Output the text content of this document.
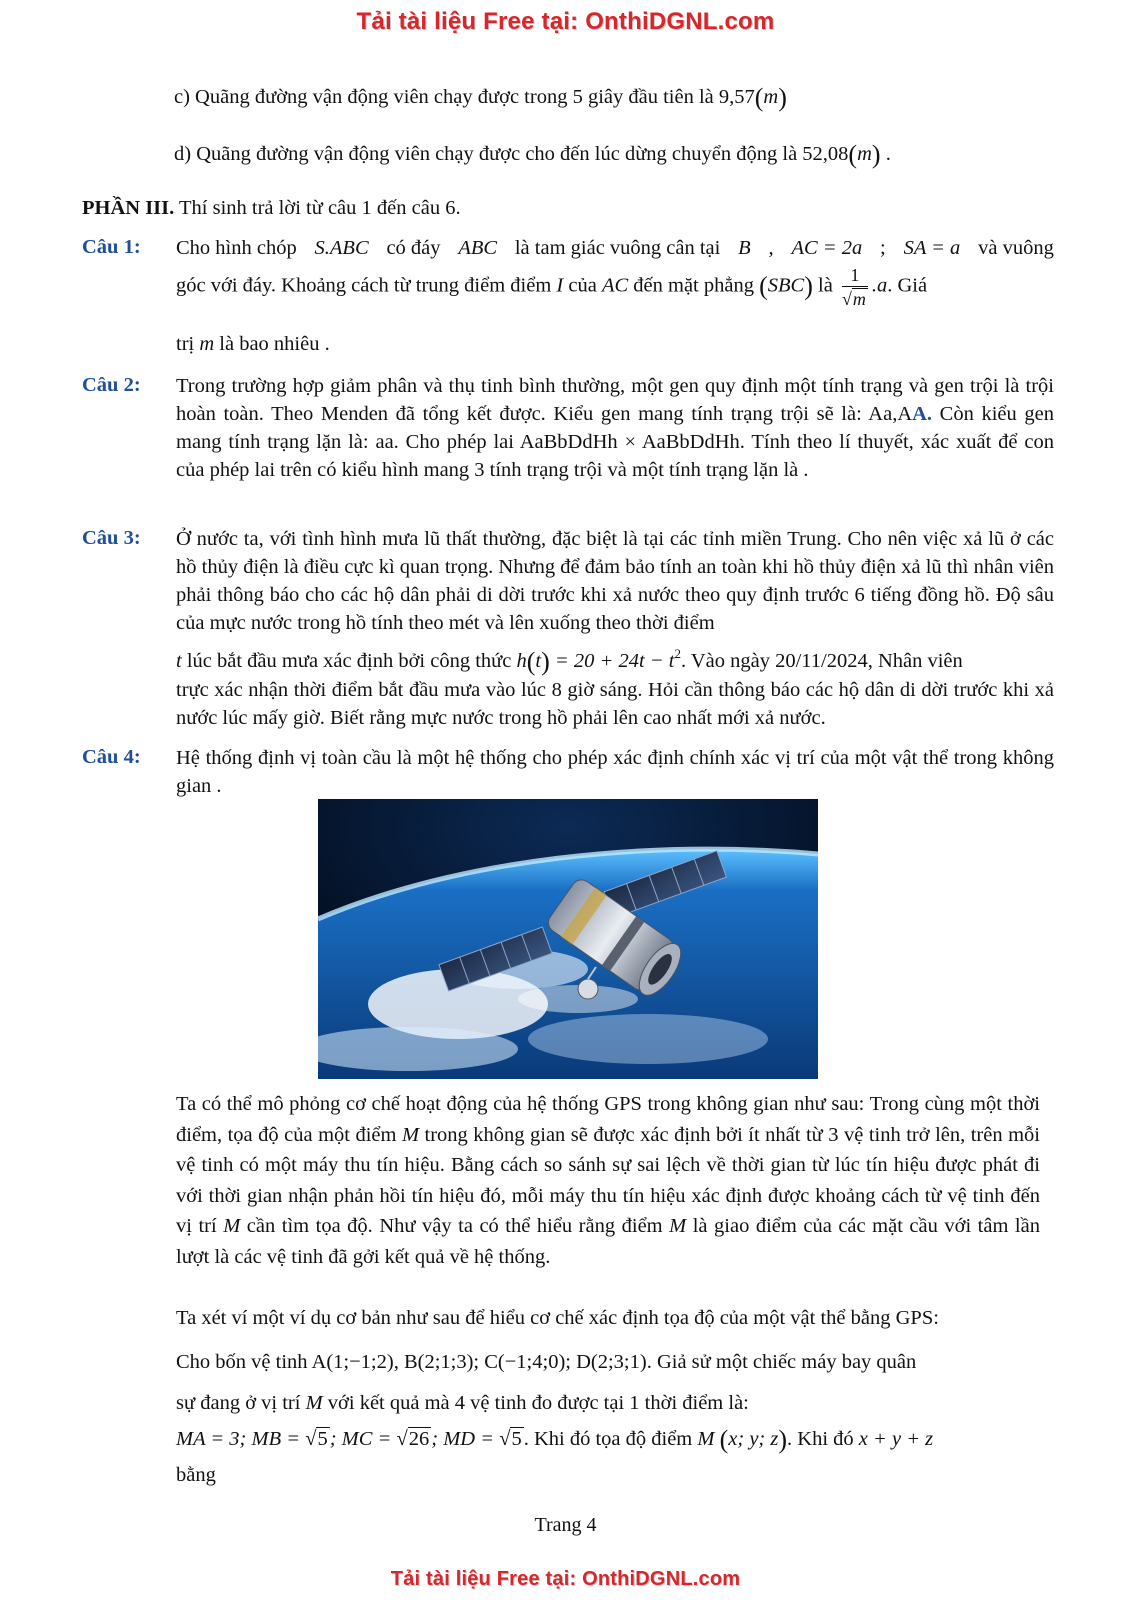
Tải tài liệu Free tại: OnthiDGNL.com
c) Quãng đường vận động viên chạy được trong 5 giây đầu tiên là 9,57(m)
d) Quãng đường vận động viên chạy được cho đến lúc dừng chuyển động là 52,08(m) .
PHẦN III. Thí sinh trả lời từ câu 1 đến câu 6.
Câu 1: Cho hình chóp S.ABC có đáy ABC là tam giác vuông cân tại B , AC = 2a ; SA = a và vuông
góc với đáy. Khoảng cách từ trung điểm điểm I của AC đến mặt phẳng (SBC) là $\frac{1}{√m} .a$. Giá
trị m là bao nhiêu .
Câu 2: Trong trường hợp giảm phân và thụ tinh bình thường, một gen quy định một tính trạng và gen trội là trội hoàn toàn. Theo Menden đã tổng kết được. Kiểu gen mang tính trạng trội sẽ là: Aa,AA. Còn kiểu gen mang tính trạng lặn là: aa. Cho phép lai AaBbDdHh × AaBbDdHh. Tính theo lí thuyết, xác xuất để con của phép lai trên có kiểu hình mang 3 tính trạng trội và một tính trạng lặn là .
Câu 3: Ở nước ta, với tình hình mưa lũ thất thường, đặc biệt là tại các tỉnh miền Trung. Cho nên việc xả lũ ở các hồ thủy điện là điều cực kì quan trọng. Nhưng để đảm bảo tính an toàn khi hồ thủy điện xả lũ thì nhân viên phải thông báo cho các hộ dân phải di dời trước khi xả nước theo quy định trước 6 tiếng đồng hồ. Độ sâu của mực nước trong hồ tính theo mét và lên xuống theo thời điểm
t lúc bắt đầu mưa xác định bởi công thức $h(t) = 20 + 24t - t^2$. Vào ngày 20/11/2024, Nhân viên
trực xác nhận thời điểm bắt đầu mưa vào lúc 8 giờ sáng. Hỏi cần thông báo các hộ dân di dời trước khi xả nước lúc mấy giờ. Biết rằng mực nước trong hồ phải lên cao nhất mới xả nước.
Câu 4: Hệ thống định vị toàn cầu là một hệ thống cho phép xác định chính xác vị trí của một vật thể trong không gian .
Ta có thể mô phỏng cơ chế hoạt động của hệ thống GPS trong không gian như sau: Trong cùng một thời điểm, tọa độ của một điểm M trong không gian sẽ được xác định bởi ít nhất từ 3 vệ tinh trở lên, trên mỗi vệ tinh có một máy thu tín hiệu. Bằng cách so sánh sự sai lệch về thời gian từ lúc tín hiệu được phát đi với thời gian nhận phản hồi tín hiệu đó, mỗi máy thu tín hiệu xác định được khoảng cách từ vệ tinh đến vị trí M cần tìm tọa độ. Như vậy ta có thể hiểu rằng điểm M là giao điểm của các mặt cầu với tâm lần lượt là các vệ tinh đã gởi kết quả về hệ thống.
Ta xét ví một ví dụ cơ bản như sau để hiểu cơ chế xác định tọa độ của một vật thể bằng GPS:
Cho bốn vệ tinh A(1;−1;2), B(2;1;3); C(−1;4;0); D(2;3;1). Giả sử một chiếc máy bay quân
sự đang ở vị trí M với kết quả mà 4 vệ tinh đo được tại 1 thời điểm là:
MA = 3; MB = √5; MC = √26; MD = √5. Khi đó tọa độ điểm M (x; y; z). Khi đó x + y + z
bằng
Trang 4
Tải tài liệu Free tại: OnthiDGNL.com
